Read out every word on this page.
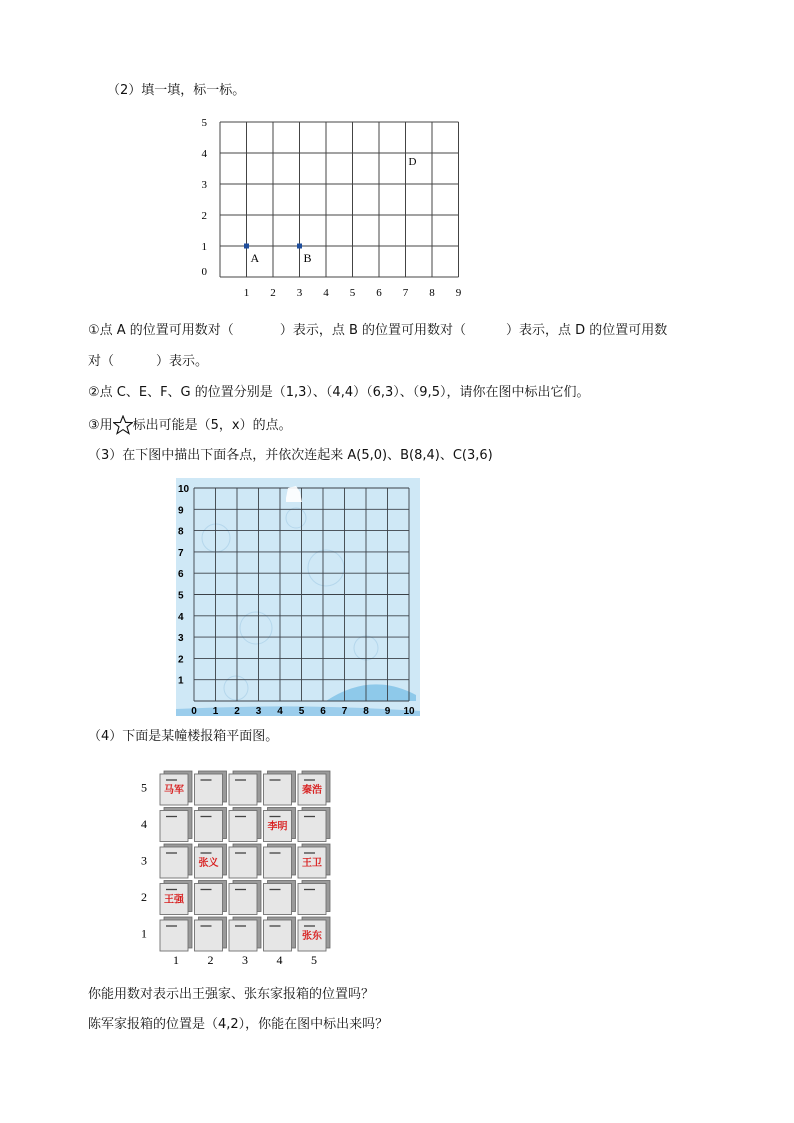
（2）填一填，标一标。
0
1
2
3
4
5
1 2 3 4 5 6 7 8 9
A	B
D
①点 A 的位置可用数对（	）表示，点 B 的位置可用数对（	）表示，点 D 的位置可用数
对（	）表示。
②点 C、E、F、G 的位置分别是（1,3）、（4,4）（6,3）、（9,5），请你在图中标出它们。
③用 标出可能是（5，x）的点。
（3）在下图中描出下面各点，并依次连起来 A(5,0)、B(8,4)、C(3,6)
10
9
8
7
6
5
4
3
2
1
0 1 2 3 4 5 6 7 8 9 10
（4）下面是某幢楼报箱平面图。
5
4
3
2
1
1 2 3 4 5
马军	秦浩
李明
张义	王卫
王强
张东
你能用数对表示出王强家、张东家报箱的位置吗？
陈军家报箱的位置是（4,2），你能在图中标出来吗？
